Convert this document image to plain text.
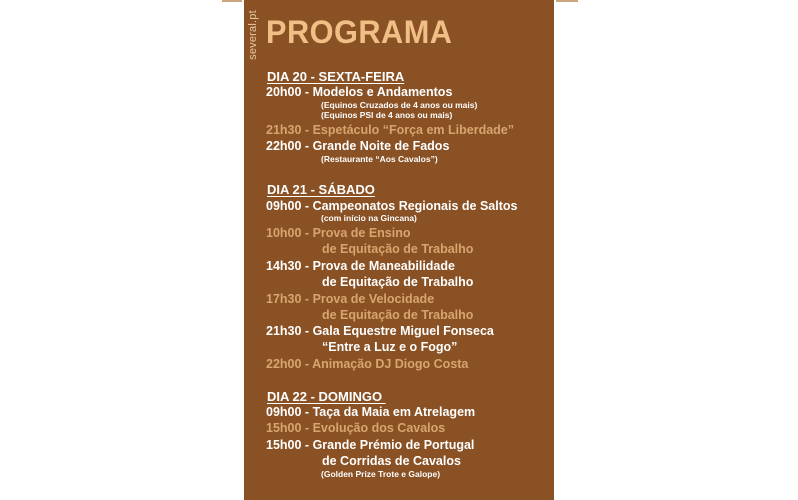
several.pt PROGRAMA
DIA 20 - SEXTA-FEIRA
20h00 - Modelos e Andamentos
(Equinos Cruzados de 4 anos ou mais)
(Equinos PSI de 4 anos ou mais)
21h30 - Espetáculo “Força em Liberdade”
22h00 - Grande Noite de Fados
(Restaurante “Aos Cavalos”)
DIA 21 - SÁBADO
09h00 - Campeonatos Regionais de Saltos
(com início na Gincana)
10h00 - Prova de Ensino
de Equitação de Trabalho
14h30 - Prova de Maneabilidade
de Equitação de Trabalho
17h30 - Prova de Velocidade
de Equitação de Trabalho
21h30 - Gala Equestre Miguel Fonseca
“Entre a Luz e o Fogo”
22h00 - Animação DJ Diogo Costa
DIA 22 - DOMINGO
09h00 - Taça da Maia em Atrelagem
15h00 - Evolução dos Cavalos
15h00 - Grande Prémio de Portugal
de Corridas de Cavalos
(Golden Prize Trote e Galope)
